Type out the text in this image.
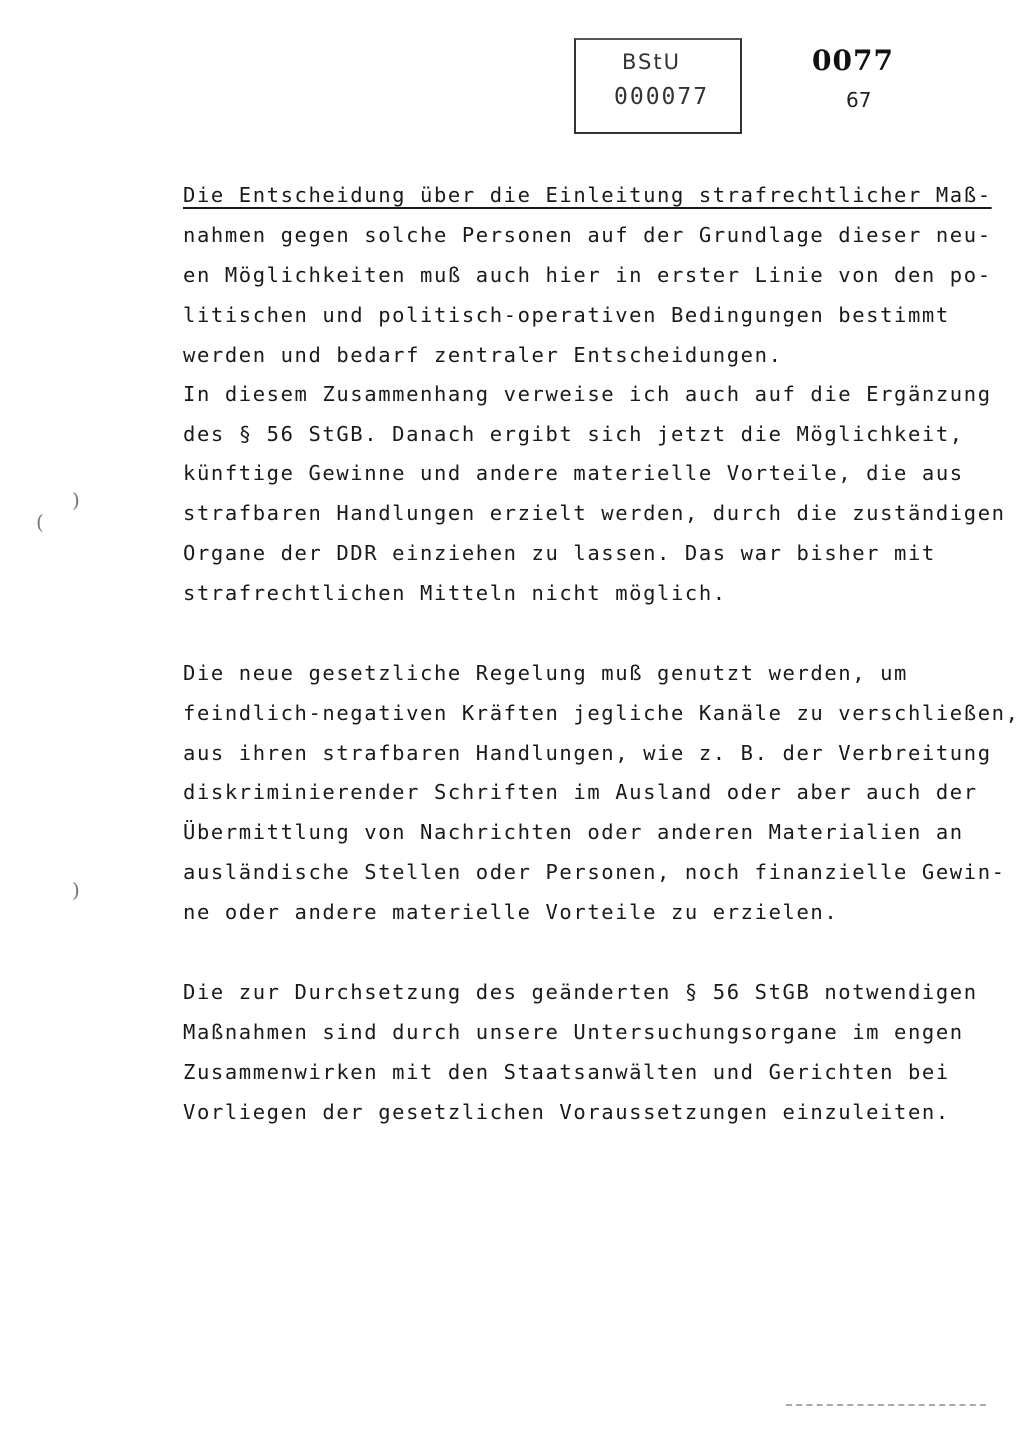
BStU
000077
0077
67
Die Entscheidung über die Einleitung strafrechtlicher Maß-
nahmen gegen solche Personen auf der Grundlage dieser neu-
en Möglichkeiten muß auch hier in erster Linie von den po-
litischen und politisch-operativen Bedingungen bestimmt
werden und bedarf zentraler Entscheidungen.
In diesem Zusammenhang verweise ich auch auf die Ergänzung
des § 56 StGB. Danach ergibt sich jetzt die Möglichkeit,
künftige Gewinne und andere materielle Vorteile, die aus
strafbaren Handlungen erzielt werden, durch die zuständigen
Organe der DDR einziehen zu lassen. Das war bisher mit
strafrechtlichen Mitteln nicht möglich.
Die neue gesetzliche Regelung muß genutzt werden, um
feindlich-negativen Kräften jegliche Kanäle zu verschließen,
aus ihren strafbaren Handlungen, wie z. B. der Verbreitung
diskriminierender Schriften im Ausland oder aber auch der
Übermittlung von Nachrichten oder anderen Materialien an
ausländische Stellen oder Personen, noch finanzielle Gewin-
ne oder andere materielle Vorteile zu erzielen.
Die zur Durchsetzung des geänderten § 56 StGB notwendigen
Maßnahmen sind durch unsere Untersuchungsorgane im engen
Zusammenwirken mit den Staatsanwälten und Gerichten bei
Vorliegen der gesetzlichen Voraussetzungen einzuleiten.
)
(
)
